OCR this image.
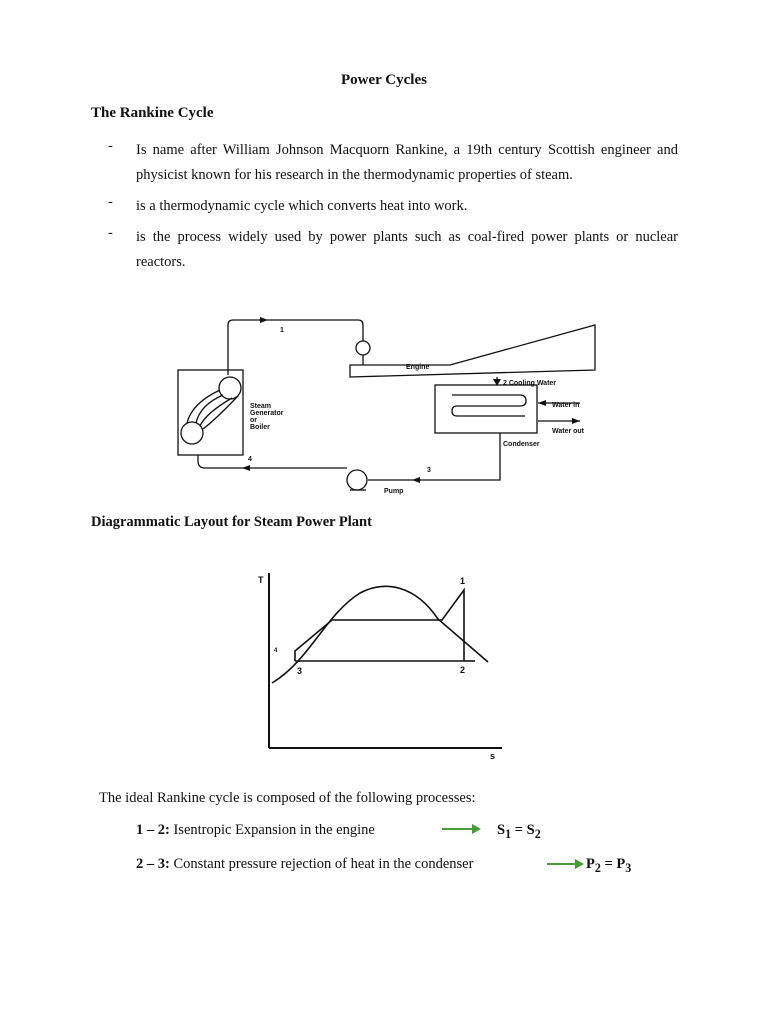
Power Cycles
The Rankine Cycle
-	Is name after William Johnson Macquorn Rankine, a 19th century Scottish engineer and physicist known for his research in the thermodynamic properties of steam.
-	is a thermodynamic cycle which converts heat into work.
-	is the process widely used by power plants such as coal-fired power plants or nuclear reactors.
1
Engine
2 Cooling Water
Steam
Generator
or
Boiler
Water in
Water out
Condenser
3
4
Pump
Diagrammatic Layout for Steam Power Plant
T
s
1
2
3
4
The ideal Rankine cycle is composed of the following processes:
1 – 2: Isentropic Expansion in the engine	$S_1 = S_2$
2 – 3: Constant pressure rejection of heat in the condenser	$P_2 = P_3$
